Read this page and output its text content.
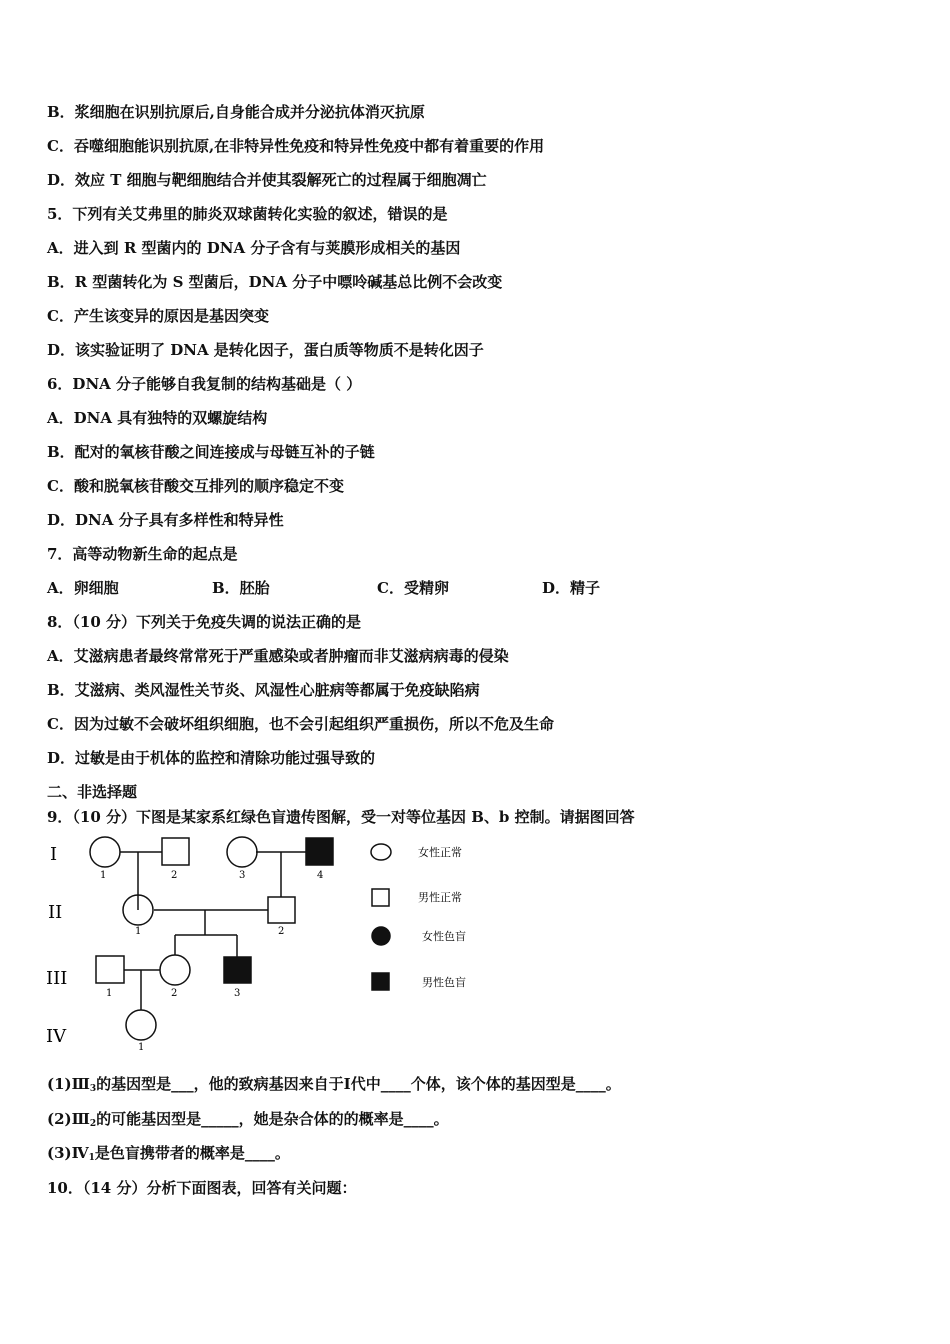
B．浆细胞在识别抗原后,自身能合成并分泌抗体消灭抗原
C．吞噬细胞能识别抗原,在非特异性免疫和特异性免疫中都有着重要的作用
D．效应 T 细胞与靶细胞结合并使其裂解死亡的过程属于细胞凋亡
5．下列有关艾弗里的肺炎双球菌转化实验的叙述，错误的是
A．进入到 R 型菌内的 DNA 分子含有与荚膜形成相关的基因
B．R 型菌转化为 S 型菌后，DNA 分子中嘌呤碱基总比例不会改变
C．产生该变异的原因是基因突变
D．该实验证明了 DNA 是转化因子，蛋白质等物质不是转化因子
6．DNA 分子能够自我复制的结构基础是（ ）
A．DNA 具有独特的双螺旋结构
B．配对的氧核苷酸之间连接成与母链互补的子链
C．酸和脱氧核苷酸交互排列的顺序稳定不变
D．DNA 分子具有多样性和特异性
7．高等动物新生命的起点是
A．卵细胞	B．胚胎	C．受精卵	D．精子
8．（10 分）下列关于免疫失调的说法正确的是
A．艾滋病患者最终常常死于严重感染或者肿瘤而非艾滋病病毒的侵染
B．艾滋病、类风湿性关节炎、风湿性心脏病等都属于免疫缺陷病
C．因为过敏不会破坏组织细胞，也不会引起组织严重损伤，所以不危及生命
D．过敏是由于机体的监控和清除功能过强导致的
二、非选择题
9．（10 分）下图是某家系红绿色盲遗传图解，受一对等位基因 B、b 控制。请据图回答
I
II
III
IV
1	2	3	4
1	2
1	2	3
1
女性正常
男性正常
女性色盲
男性色盲
$(1)Ⅲ_3$的基因型是___，他的致病基因来自于Ⅰ代中____个体，该个体的基因型是____。
$(2)Ⅲ_2$的可能基因型是_____，她是杂合体的的概率是____。
$(3)Ⅳ_1$是色盲携带者的概率是____。
10．（14 分）分析下面图表，回答有关问题：
